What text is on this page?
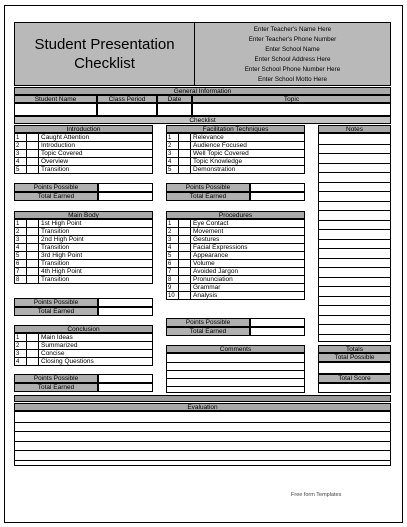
Student Presentation
Checklist
Enter Teacher's Name Here
Enter Teacher's Phone Number
Enter School Name
Enter School Address Here
Enter School Phone Number Here
Enter School Motto Here
General Information
Student Name	Class Period	Date	Topic
Checklist
Notes
Introduction
1	Caught Attention
2	Introduction
3	Topic Covered
4	Overview
5	Transition
Points Possible
Total Earned
Facilitation Techniques
1	Relevance
2	Audience Focused
3	Well Topic Covered
4	Topic Knowledge
5	Demonstration
Points Possible
Total Earned
Main Body
1	1st High Point
2	Transition
3	2nd High Point
4	Transition
5	3rd High Point
6	Transition
7	4th High Point
8	Transition
Points Possible
Total Earned
Procedures
1	Eye Contact
2	Movement
3	Gestures
4	Facial Expressions
5	Appearance
6	Volume
7	Avoided Jargon
8	Pronunciation
9	Grammar
10	Analysis
Points Possible
Total Earned
Conclusion
1	Main Ideas
2	Summarized
3	Concise
4	Closing Questions
Points Possible
Total Earned
Comments	Totals
Total Possible
Total Score
Evaluation
Free form Templates
